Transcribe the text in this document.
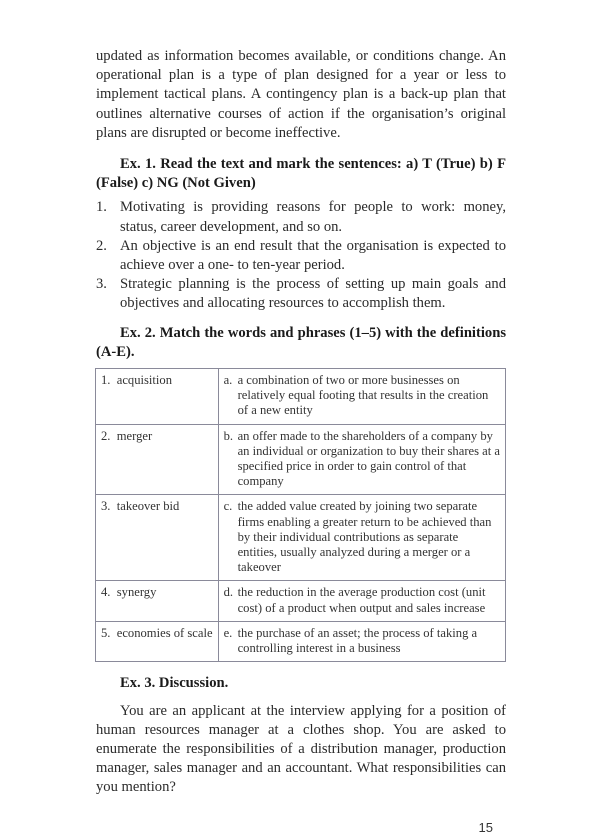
updated as information becomes available, or conditions change. An operational plan is a type of plan designed for a year or less to implement tactical plans. A contingency plan is a back-up plan that outlines alternative courses of action if the organisation’s original plans are disrupted or become ineffective.
Ex. 1. Read the text and mark the sentences: a) T (True) b) F (False) c) NG (Not Given)
1. Motivating is providing reasons for people to work: money, status, career development, and so on.
2. An objective is an end result that the organisation is expected to achieve over a one- to ten-year period.
3. Strategic planning is the process of setting up main goals and objectives and allocating resources to accomplish them.
Ex. 2. Match the words and phrases (1–5) with the definitions (A-E).
1.  acquisition	a. a combination of two or more businesses on relatively equal footing that results in the creation of a new entity

2.  merger	b. an offer made to the shareholders of a company by an individual or organization to buy their shares at a specified price in order to gain control of that company

3.  takeover bid	c. the added value created by joining two separate firms enabling a greater return to be achieved than by their individual contributions as separate entities, usually analyzed during a merger or a takeover

4.  synergy	d. the reduction in the average production cost (unit cost) of a product when output and sales increase

5.  economies of scale	e. the purchase of an asset; the process of taking a controlling interest in a business
Ex. 3. Discussion.
You are an applicant at the interview applying for a position of human resources manager at a clothes shop. You are asked to enumerate the responsibilities of a distribution manager, production manager, sales manager and an accountant. What responsibilities can you mention?
15
